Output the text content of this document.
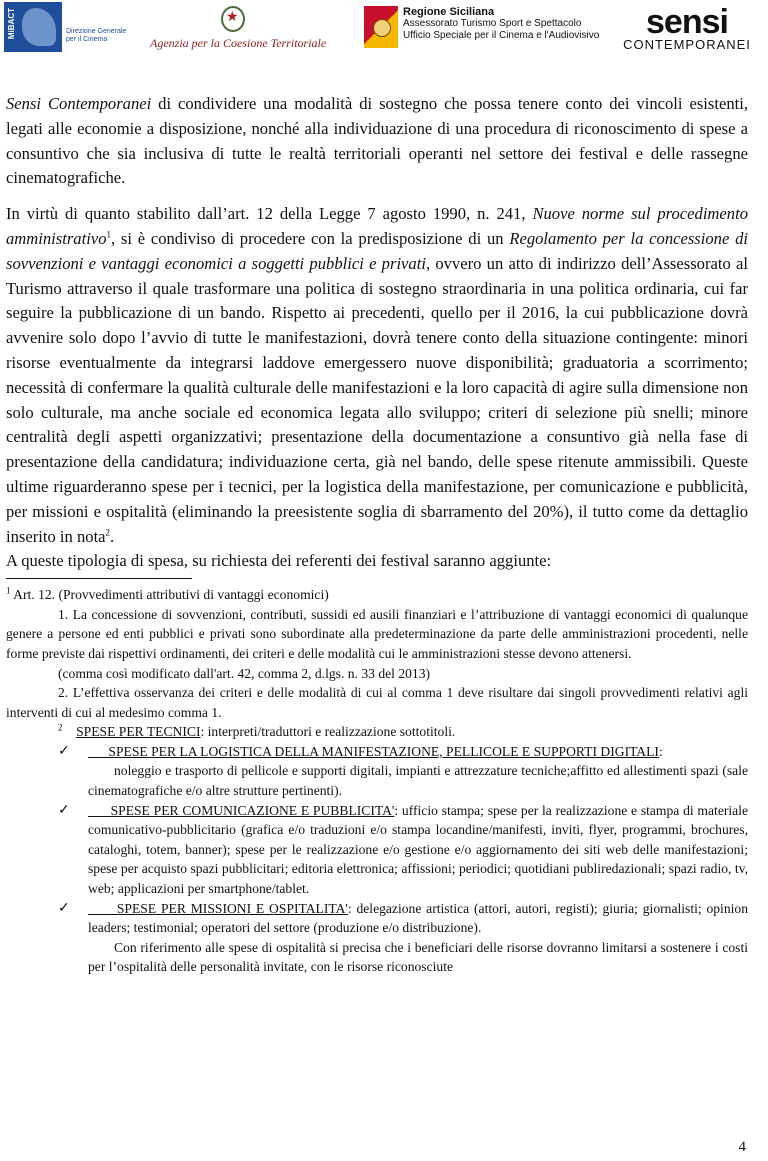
MiBACT	Direzione Generale
per il Cinema
★	Agenzia per la Coesione Territoriale
Regione Siciliana
Assessorato Turismo Sport e Spettacolo
Ufficio Speciale per il Cinema e l'Audiovisivo	sensi
CONTEMPORANEI

Sensi Contemporanei di condividere una modalità di sostegno che possa tenere conto dei vincoli esistenti, legati alle economie a disposizione, nonché alla individuazione di una procedura di riconoscimento di spese a consuntivo che sia inclusiva di tutte le realtà territoriali operanti nel settore dei festival e delle rassegne cinematografiche.

In virtù di quanto stabilito dall’art. 12 della Legge 7 agosto 1990, n. 241, Nuove norme sul procedimento amministrativo$^1$, si è condiviso di procedere con la predisposizione di un Regolamento per la concessione di sovvenzioni e vantaggi economici a soggetti pubblici e privati, ovvero un atto di indirizzo dell’Assessorato al Turismo attraverso il quale trasformare una politica di sostegno straordinaria in una politica ordinaria, cui far seguire la pubblicazione di un bando. Rispetto ai precedenti, quello per il 2016, la cui pubblicazione dovrà avvenire solo dopo l’avvio di tutte le manifestazioni, dovrà tenere conto della situazione contingente: minori risorse eventualmente da integrarsi laddove emergessero nuove disponibilità; graduatoria a scorrimento; necessità di confermare la qualità culturale delle manifestazioni e la loro capacità di agire sulla dimensione non solo culturale, ma anche sociale ed economica legata allo sviluppo; criteri di selezione più snelli; minore centralità degli aspetti organizzativi; presentazione della documentazione a consuntivo già nella fase di presentazione della candidatura; individuazione certa, già nel bando, delle spese ritenute ammissibili. Queste ultime riguarderanno spese per i tecnici, per la logistica della manifestazione, per comunicazione e pubblicità, per missioni e ospitalità (eliminando la preesistente soglia di sbarramento del 20%), il tutto come da dettaglio inserito in nota$^2$.

A queste tipologia di spesa, su richiesta dei referenti dei festival saranno aggiunte:

$^1$ Art. 12. (Provvedimenti attributivi di vantaggi economici)

1. La concessione di sovvenzioni, contributi, sussidi ed ausili finanziari e l’attribuzione di vantaggi economici di qualunque genere a persone ed enti pubblici e privati sono subordinate alla predeterminazione da parte delle amministrazioni procedenti, nelle forme previste dai rispettivi ordinamenti, dei criteri e delle modalità cui le amministrazioni stesse devono attenersi.

(comma così modificato dall'art. 42, comma 2, d.lgs. n. 33 del 2013)

2. L’effettiva osservanza dei criteri e delle modalità di cui al comma 1 deve risultare dai singoli provvedimenti relativi agli interventi di cui al medesimo comma 1.

$^2$ SPESE PER TECNICI: interpreti/traduttori e realizzazione sottotitoli.

✓ SPESE PER LA LOGISTICA DELLA MANIFESTAZIONE, PELLICOLE E SUPPORTI DIGITALI:

noleggio e trasporto di pellicole e supporti digitali, impianti e attrezzature tecniche;affitto ed allestimenti spazi (sale cinematografiche e/o altre strutture pertinenti).

✓ SPESE PER COMUNICAZIONE E PUBBLICITA': ufficio stampa; spese per la realizzazione e stampa di materiale comunicativo-pubblicitario (grafica e/o traduzioni e/o stampa locandine/manifesti, inviti, flyer, programmi, brochures, cataloghi, totem, banner); spese per le realizzazione e/o gestione e/o aggiornamento dei siti web delle manifestazioni; spese per acquisto spazi pubblicitari; editoria elettronica; affissioni; periodici; quotidiani publiredazionali; spazi radio, tv, web; applicazioni per smartphone/tablet.
✓ SPESE PER MISSIONI E OSPITALITA': delegazione artistica (attori, autori, registi); giuria; giornalisti; opinion leaders; testimonial; operatori del settore (produzione e/o distribuzione).

Con riferimento alle spese di ospitalità si precisa che i beneficiari delle risorse dovranno limitarsi a sostenere i costi per l’ospitalità delle personalità invitate, con le risorse riconosciute

4
